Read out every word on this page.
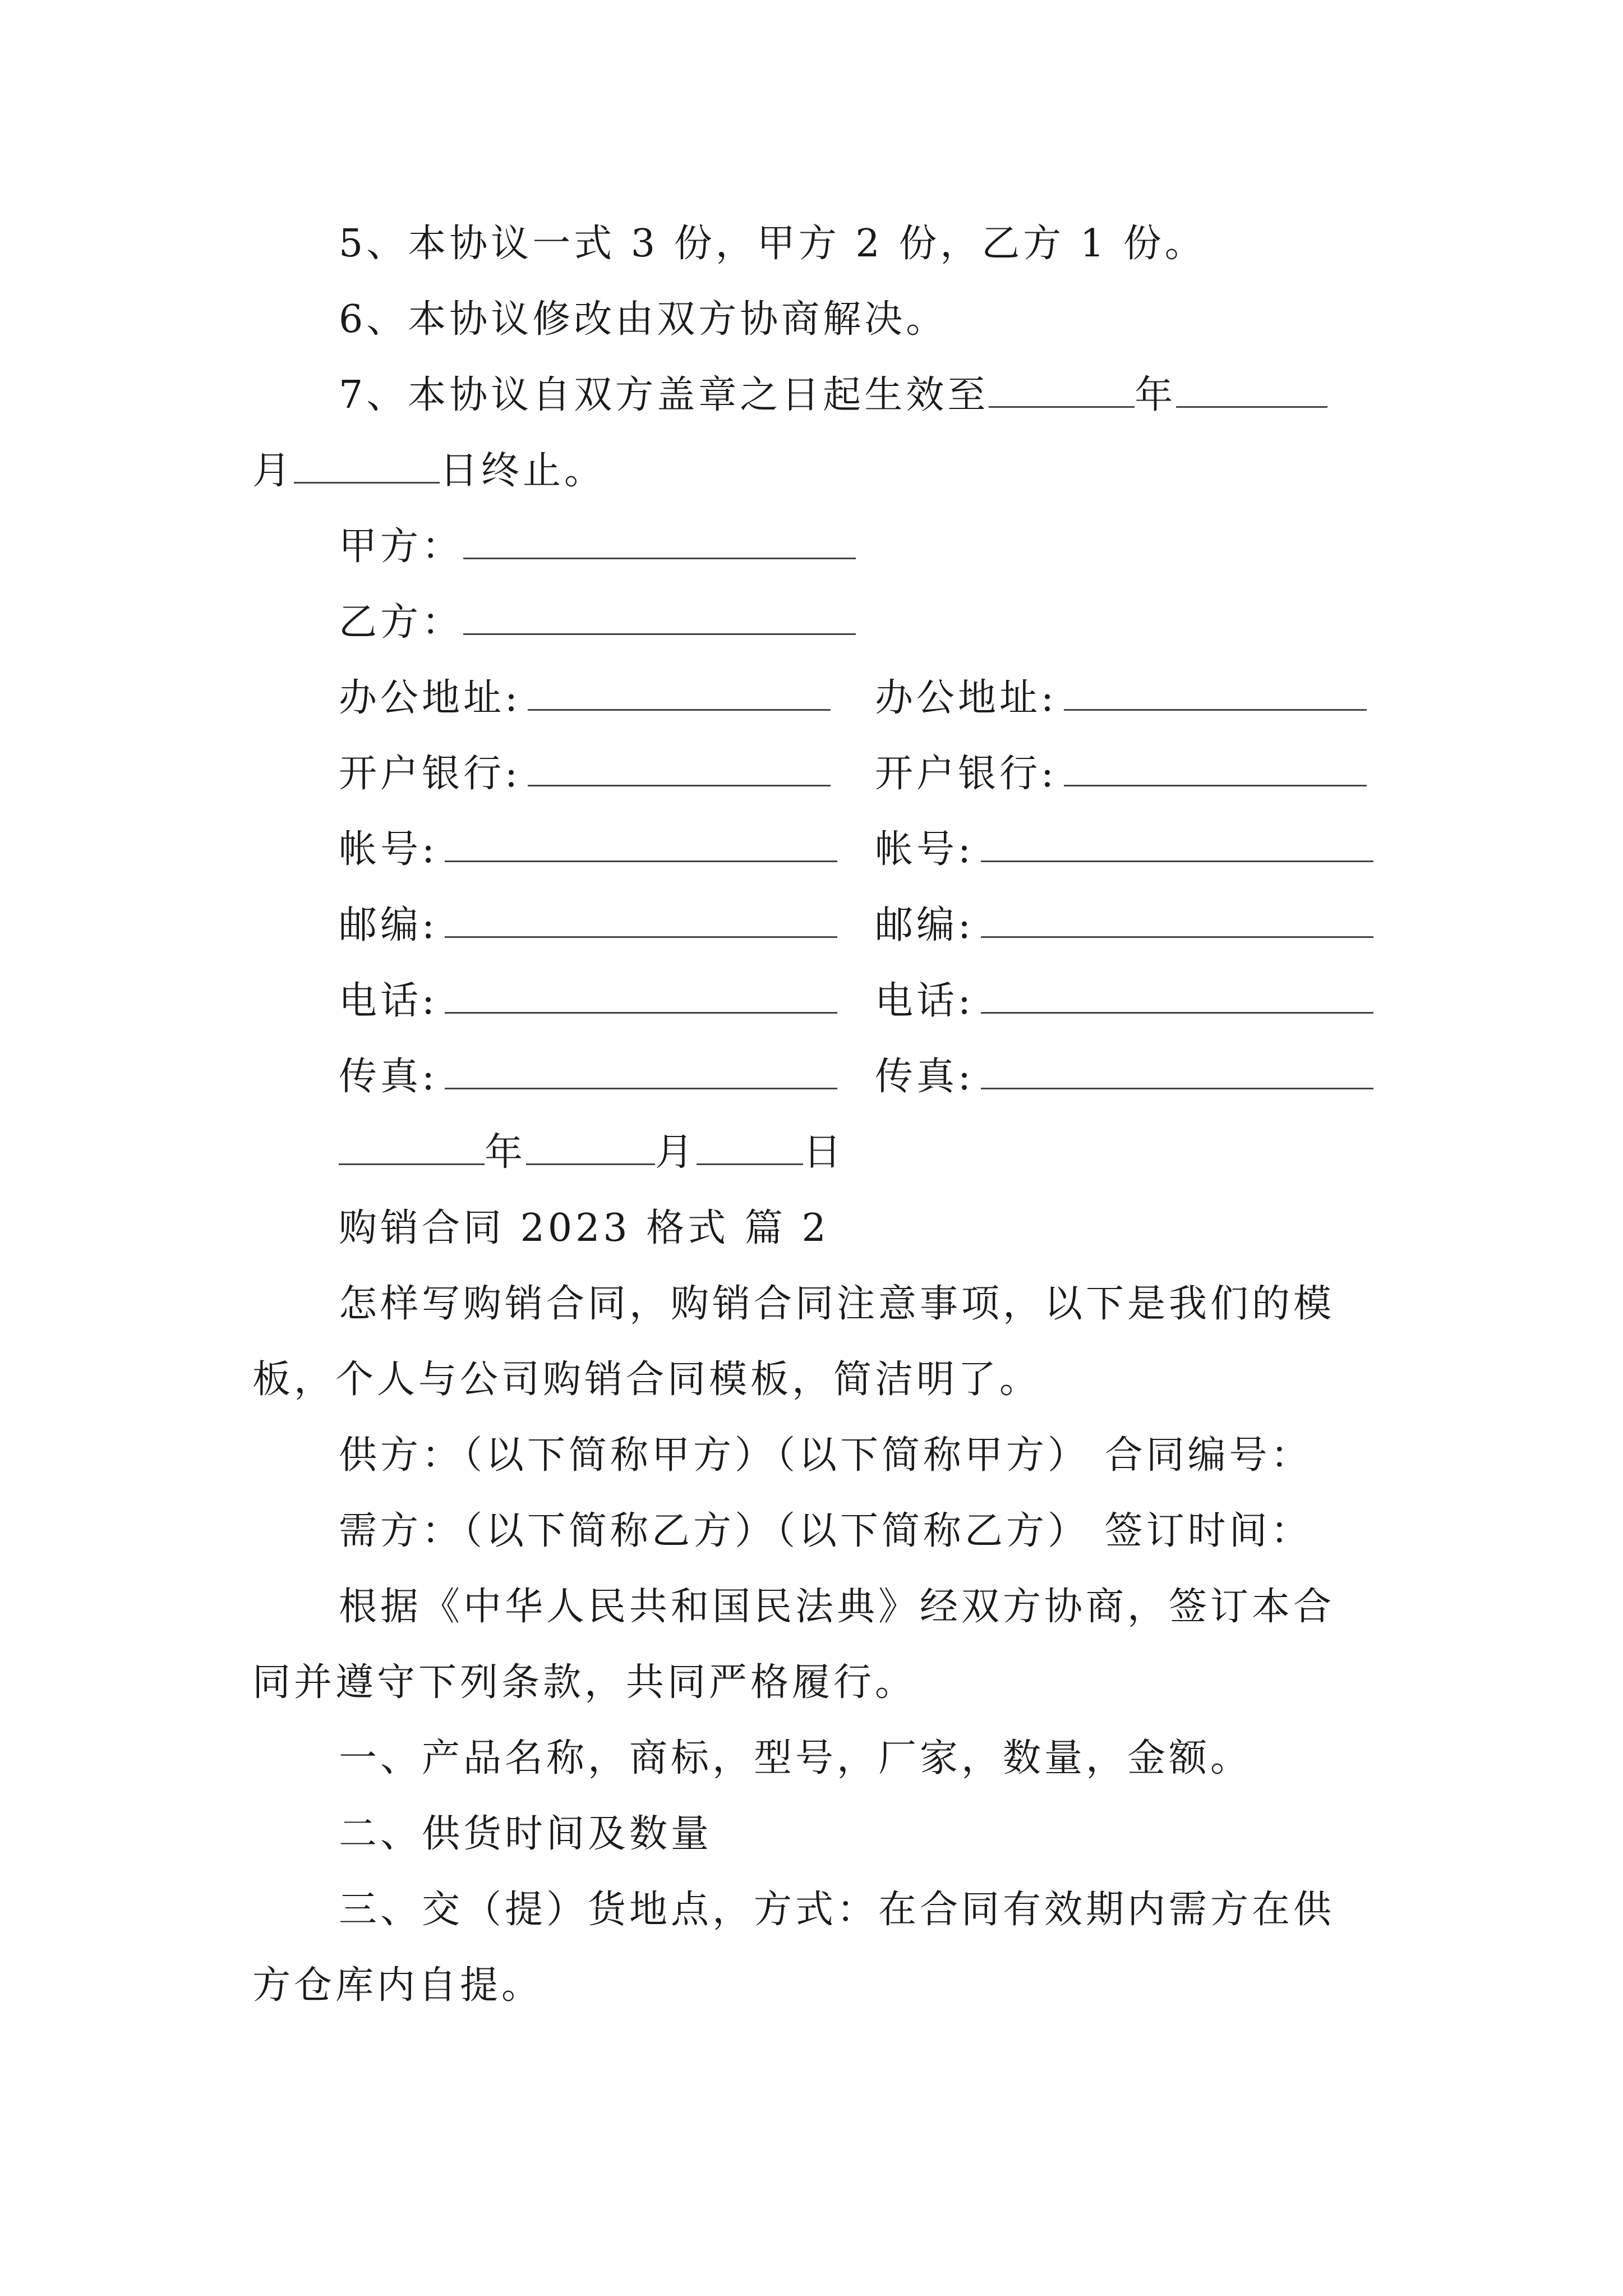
5、本协议一式 3 份，甲方 2 份，乙方 1 份。
6、本协议修改由双方协商解决。
7、本协议自双方盖章之日起生效至	年
月	日终止。
甲方：
乙方：
办公地址:	办公地址:
开户银行:	开户银行:
帐号:	帐号:
邮编:	邮编:
电话:	电话:
传真:	传真:
年	月	日
购销合同 2023 格式 篇 2
怎样写购销合同，购销合同注意事项，以下是我们的模
板，个人与公司购销合同模板，简洁明了。
供方：（以下简称甲方）（以下简称甲方） 合同编号：
需方：（以下简称乙方）（以下简称乙方） 签订时间：
根据《中华人民共和国民法典》经双方协商，签订本合
同并遵守下列条款，共同严格履行。
一、产品名称，商标，型号，厂家，数量，金额。
二、供货时间及数量
三、交（提）货地点，方式：在合同有效期内需方在供
方仓库内自提。
